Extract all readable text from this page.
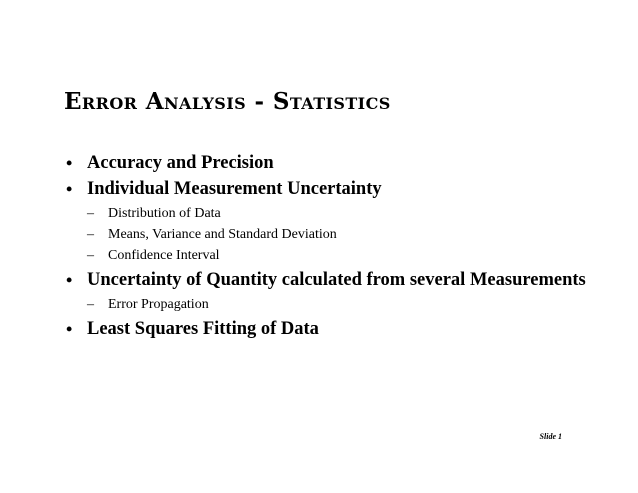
Error Analysis - Statistics
• Accuracy and Precision
• Individual Measurement Uncertainty
– Distribution of Data
– Means, Variance and Standard Deviation
– Confidence Interval
• Uncertainty of Quantity calculated from several Measurements
– Error Propagation
• Least Squares Fitting of Data
Slide 1
